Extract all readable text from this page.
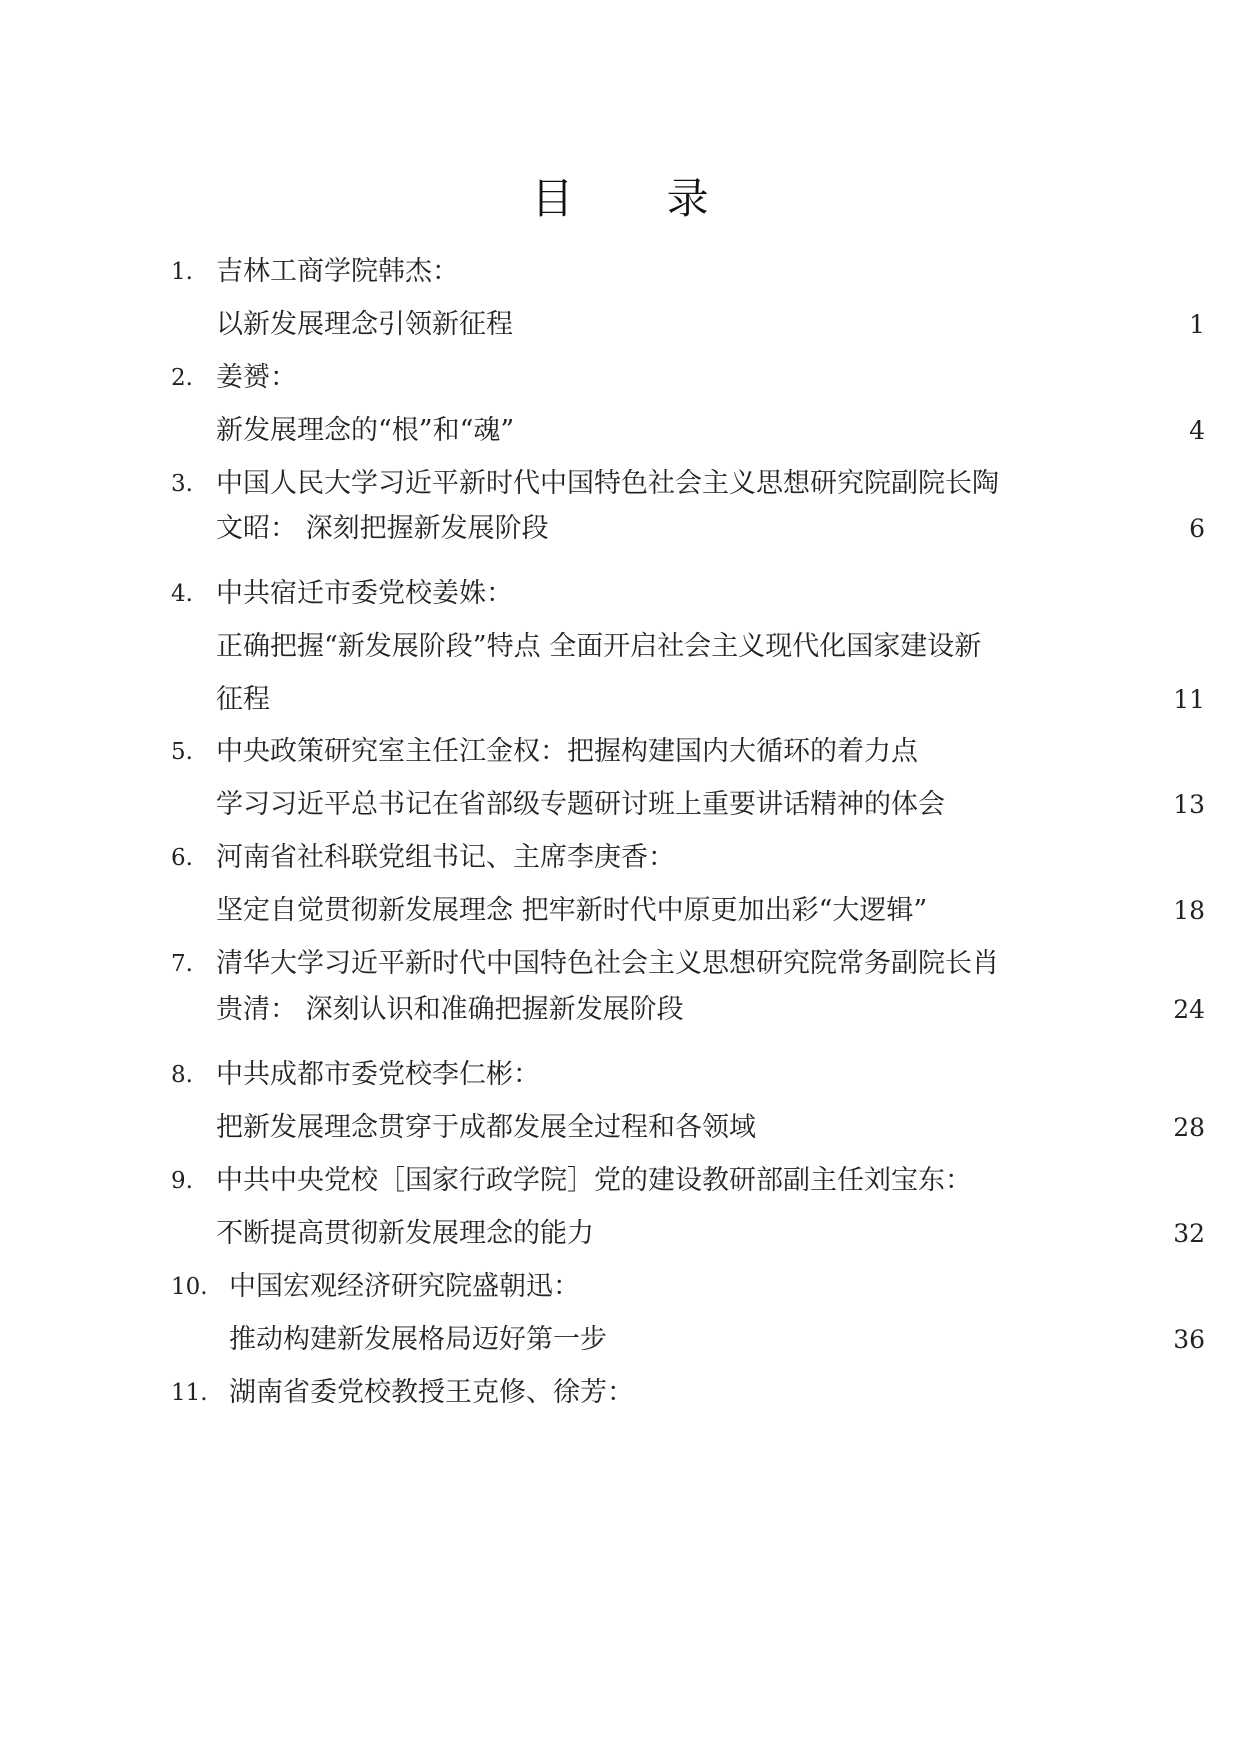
目 录
1. 吉林工商学院韩杰：
以新发展理念引领新征程	1
2. 姜赟：
新发展理念的“根”和“魂”	4
3. 中国人民大学习近平新时代中国特色社会主义思想研究院副院长陶
文昭： 深刻把握新发展阶段	6
4. 中共宿迁市委党校姜姝：
正确把握“新发展阶段”特点 全面开启社会主义现代化国家建设新
征程	11
5. 中央政策研究室主任江金权：把握构建国内大循环的着力点
学习习近平总书记在省部级专题研讨班上重要讲话精神的体会	13
6. 河南省社科联党组书记、主席李庚香：
坚定自觉贯彻新发展理念 把牢新时代中原更加出彩“大逻辑”	18
7. 清华大学习近平新时代中国特色社会主义思想研究院常务副院长肖
贵清： 深刻认识和准确把握新发展阶段	24
8. 中共成都市委党校李仁彬：
把新发展理念贯穿于成都发展全过程和各领域	28
9. 中共中央党校［国家行政学院］党的建设教研部副主任刘宝东：
不断提高贯彻新发展理念的能力	32
10. 中国宏观经济研究院盛朝迅：
推动构建新发展格局迈好第一步	36
11. 湖南省委党校教授王克修、徐芳：
